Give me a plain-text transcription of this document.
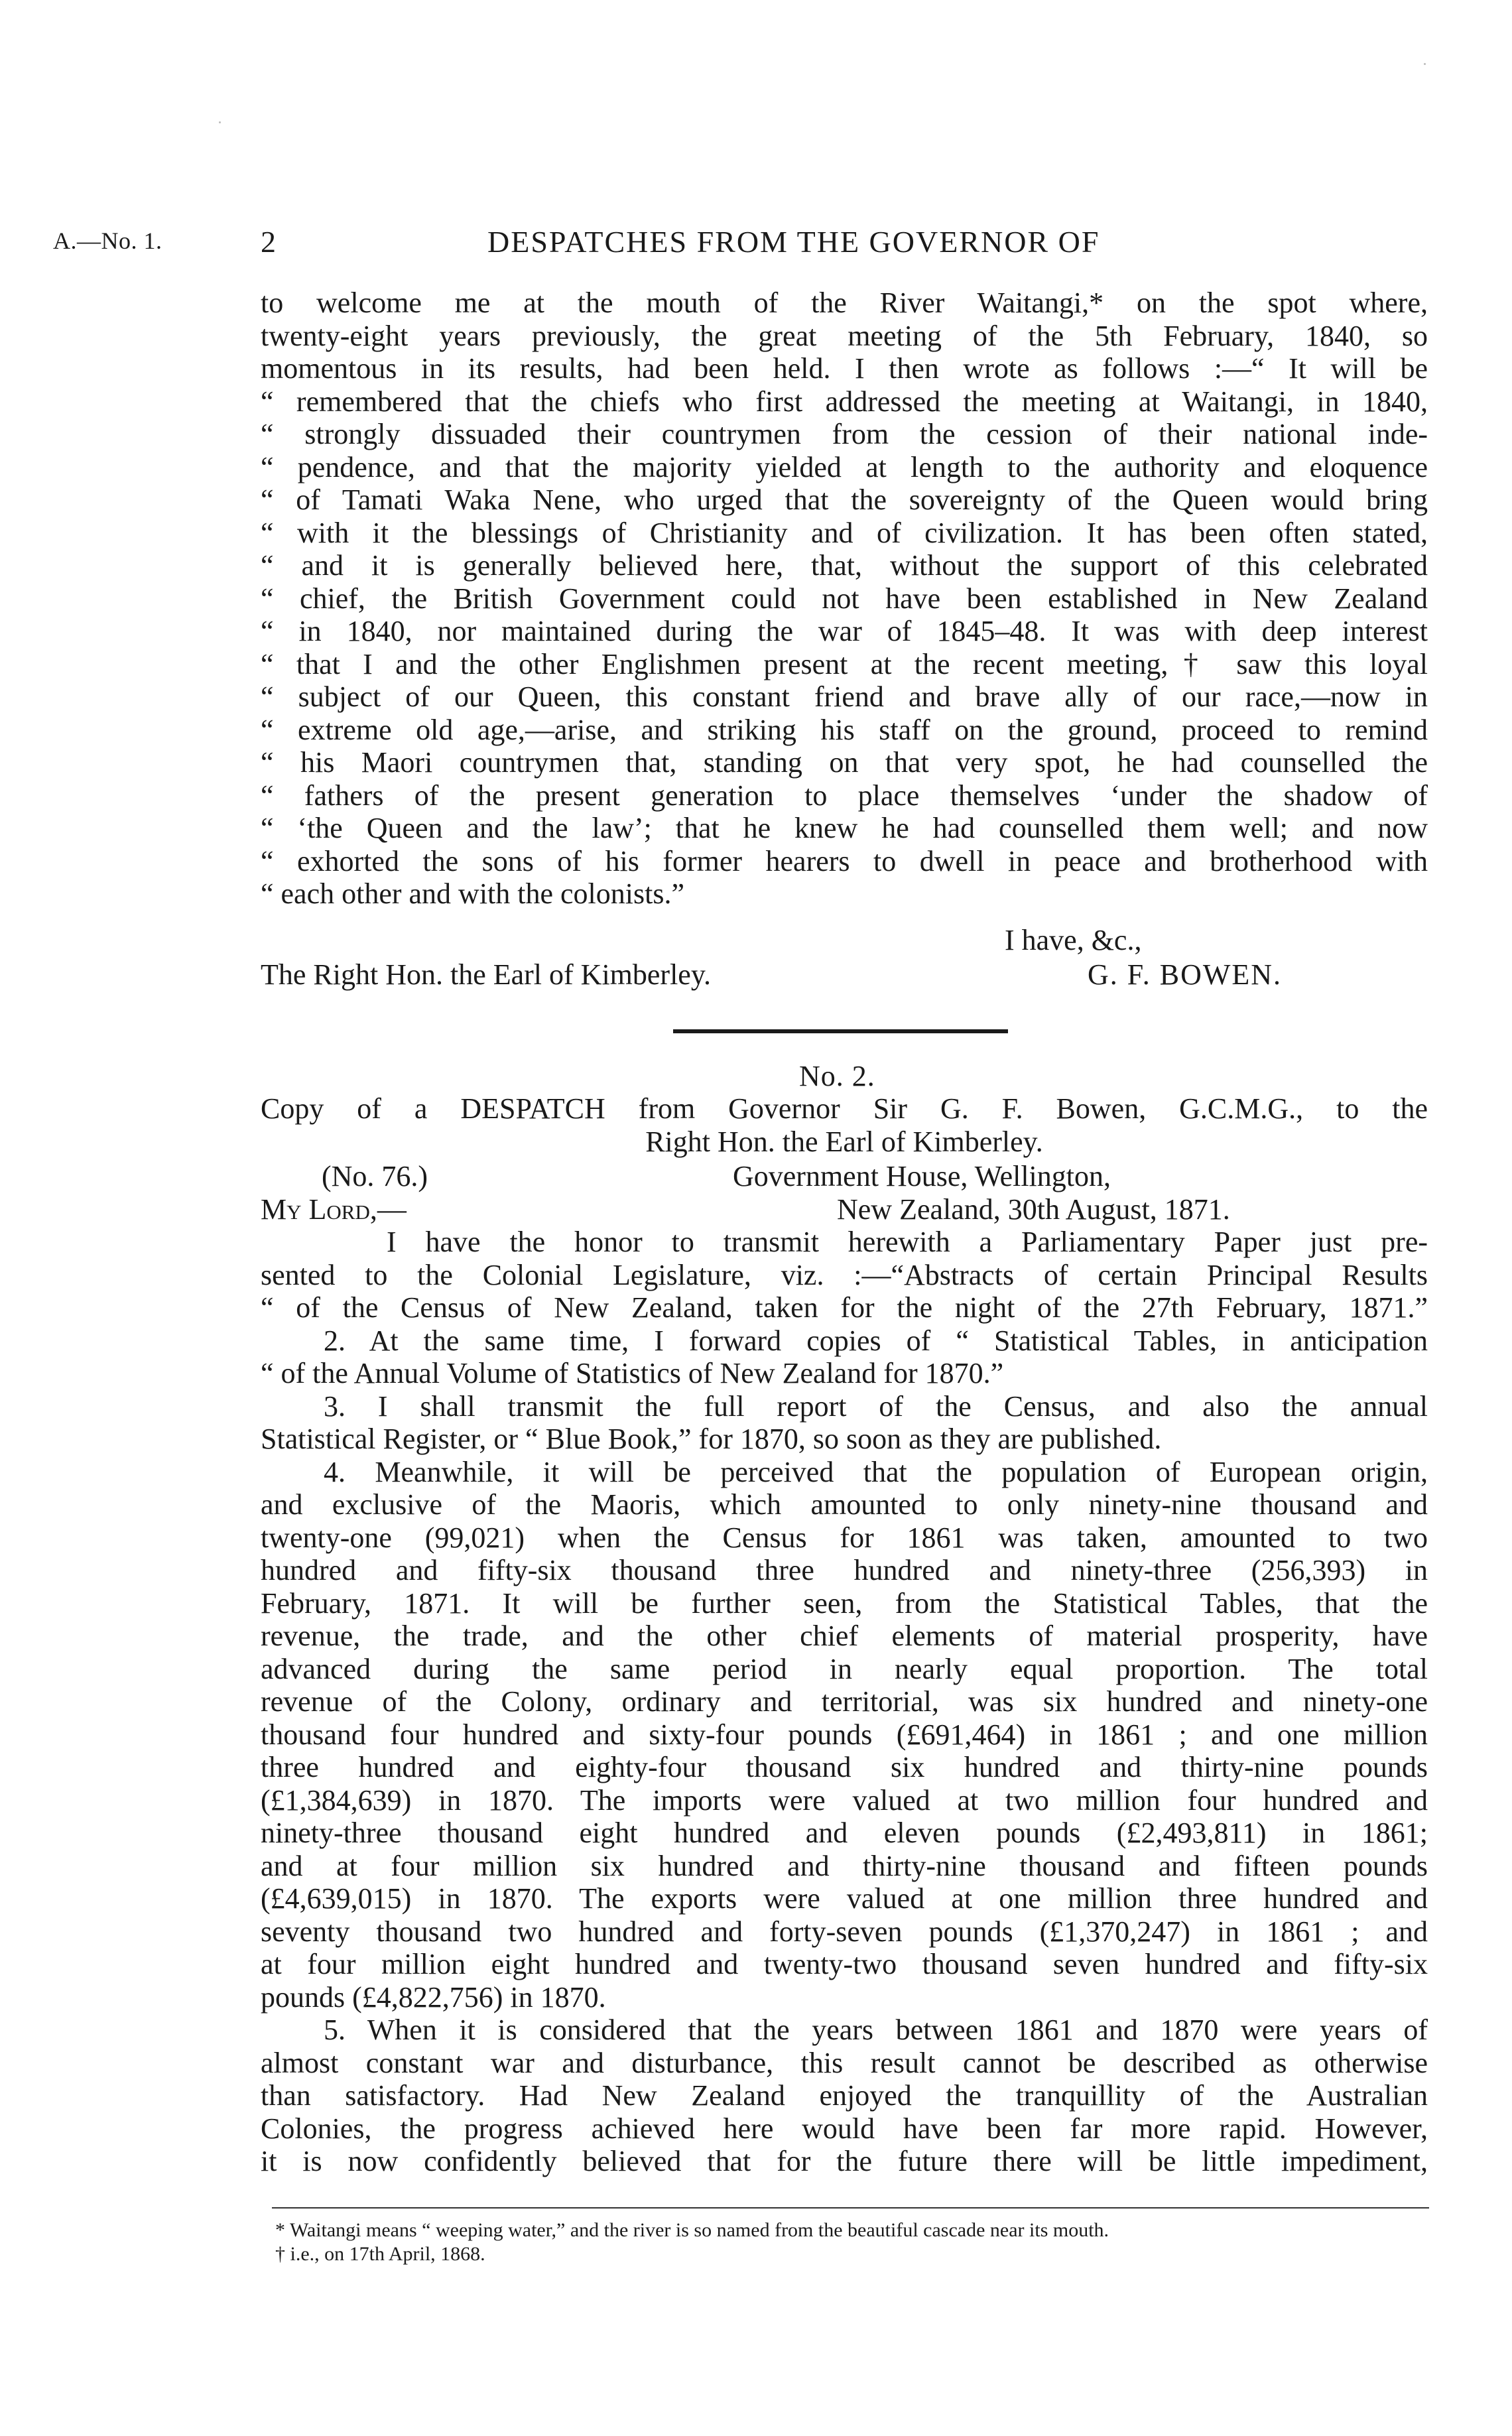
A.—No. 1.	2	DESPATCHES FROM THE GOVERNOR OF
to welcome me at the mouth of the River Waitangi,* on the spot where,
twenty-eight years previously, the great meeting of the 5th February, 1840, so
momentous in its results, had been held. I then wrote as follows :—“ It will be
“ remembered that the chiefs who first addressed the meeting at Waitangi, in 1840,
“ strongly dissuaded their countrymen from the cession of their national inde-
“ pendence, and that the majority yielded at length to the authority and eloquence
“ of Tamati Waka Nene, who urged that the sovereignty of the Queen would bring
“ with it the blessings of Christianity and of civilization. It has been often stated,
“ and it is generally believed here, that, without the support of this celebrated
“ chief, the British Government could not have been established in New Zealand
“ in 1840, nor maintained during the war of 1845–48. It was with deep interest
“ that I and the other Englishmen present at the recent meeting,† saw this loyal
“ subject of our Queen, this constant friend and brave ally of our race,—now in
“ extreme old age,—arise, and striking his staff on the ground, proceed to remind
“ his Maori countrymen that, standing on that very spot, he had counselled the
“ fathers of the present generation to place themselves ‘under the shadow of
“ ‘the Queen and the law’; that he knew he had counselled them well; and now
“ exhorted the sons of his former hearers to dwell in peace and brotherhood with
“ each other and with the colonists.”
I have, &c.,
The Right Hon. the Earl of Kimberley.	G. F. BOWEN.
No. 2.
Copy of a DESPATCH from Governor Sir G. F. Bowen, G.C.M.G., to the
Right Hon. the Earl of Kimberley.
(No. 76.)	Government House, Wellington,
My Lord,—	New Zealand, 30th August, 1871.
I have the honor to transmit herewith a Parliamentary Paper just pre-
sented to the Colonial Legislature, viz. :—“Abstracts of certain Principal Results
“ of the Census of New Zealand, taken for the night of the 27th February, 1871.”
2. At the same time, I forward copies of “ Statistical Tables, in anticipation
“ of the Annual Volume of Statistics of New Zealand for 1870.”
3. I shall transmit the full report of the Census, and also the annual
Statistical Register, or “ Blue Book,” for 1870, so soon as they are published.
4. Meanwhile, it will be perceived that the population of European origin,
and exclusive of the Maoris, which amounted to only ninety-nine thousand and
twenty-one (99,021) when the Census for 1861 was taken, amounted to two
hundred and fifty-six thousand three hundred and ninety-three (256,393) in
February, 1871. It will be further seen, from the Statistical Tables, that the
revenue, the trade, and the other chief elements of material prosperity, have
advanced during the same period in nearly equal proportion. The total
revenue of the Colony, ordinary and territorial, was six hundred and ninety-one
thousand four hundred and sixty-four pounds (£691,464) in 1861 ; and one million
three hundred and eighty-four thousand six hundred and thirty-nine pounds
(£1,384,639) in 1870. The imports were valued at two million four hundred and
ninety-three thousand eight hundred and eleven pounds (£2,493,811) in 1861;
and at four million six hundred and thirty-nine thousand and fifteen pounds
(£4,639,015) in 1870. The exports were valued at one million three hundred and
seventy thousand two hundred and forty-seven pounds (£1,370,247) in 1861 ; and
at four million eight hundred and twenty-two thousand seven hundred and fifty-six
pounds (£4,822,756) in 1870.
5. When it is considered that the years between 1861 and 1870 were years of
almost constant war and disturbance, this result cannot be described as otherwise
than satisfactory. Had New Zealand enjoyed the tranquillity of the Australian
Colonies, the progress achieved here would have been far more rapid. However,
it is now confidently believed that for the future there will be little impediment,
* Waitangi means “ weeping water,” and the river is so named from the beautiful cascade near its mouth.
† i.e., on 17th April, 1868.
